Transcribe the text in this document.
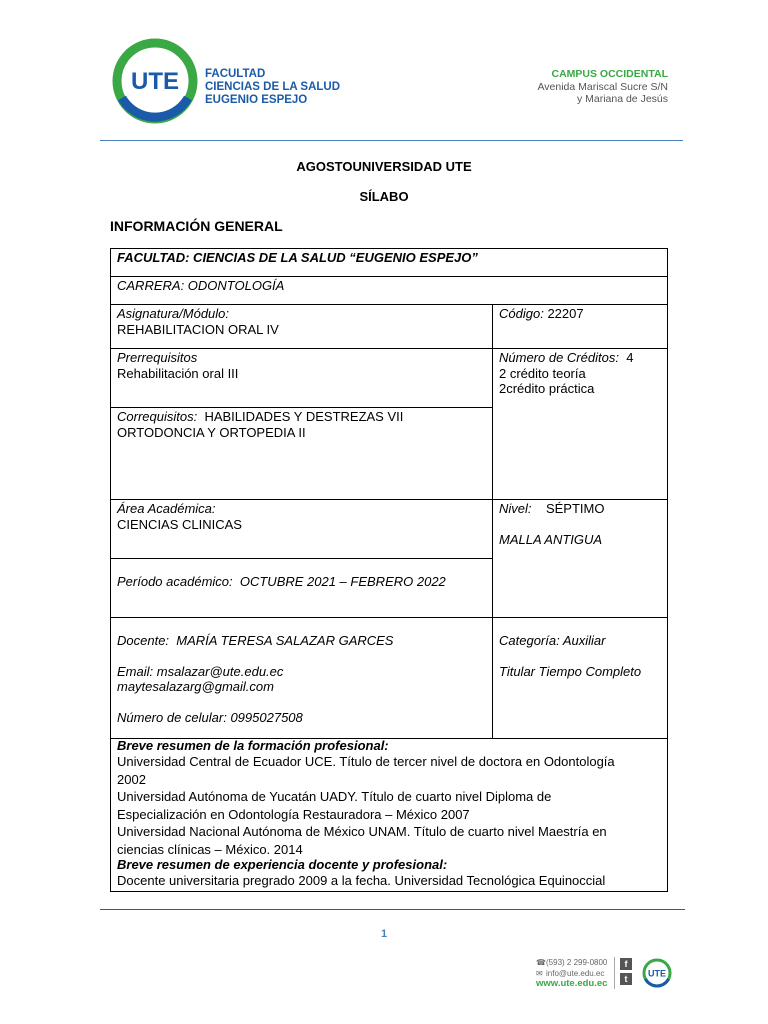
UTE FACULTAD
CIENCIAS DE LA SALUD
EUGENIO ESPEJO
CAMPUS OCCIDENTAL
Avenida Mariscal Sucre S/N
y Mariana de Jesús
AGOSTOUNIVERSIDAD UTE
SÍLABO
INFORMACIÓN GENERAL
FACULTAD: CIENCIAS DE LA SALUD “EUGENIO ESPEJO”
CARRERA: ODONTOLOGÍA
Asignatura/Módulo:
REHABILITACION ORAL IV
Código: 22207
Prerrequisitos
Rehabilitación oral III
Número de Créditos: 4
2 crédito teoría
2crédito práctica
Correquisitos: HABILIDADES Y DESTREZAS VII
ORTODONCIA Y ORTOPEDIA II
Área Académica:
CIENCIAS CLINICAS
Nivel: SÉPTIMO
MALLA ANTIGUA
Período académico: OCTUBRE 2021 – FEBRERO 2022
Docente: MARÍA TERESA SALAZAR GARCES
Email: msalazar@ute.edu.ec
maytesalazarg@gmail.com
Número de celular: 0995027508
Categoría: Auxiliar
Titular Tiempo Completo
Breve resumen de la formación profesional:
Universidad Central de Ecuador UCE. Título de tercer nivel de doctora en Odontología
2002
Universidad Autónoma de Yucatán UADY. Título de cuarto nivel Diploma de
Especialización en Odontología Restauradora – México 2007
Universidad Nacional Autónoma de México UNAM. Título de cuarto nivel Maestría en
ciencias clínicas – México. 2014
Breve resumen de experiencia docente y profesional:
Docente universitaria pregrado 2009 a la fecha. Universidad Tecnológica Equinoccial
1
☎(593) 2 299-0800
✉ info@ute.edu.ec
www.ute.edu.ec
f
t
UTE
